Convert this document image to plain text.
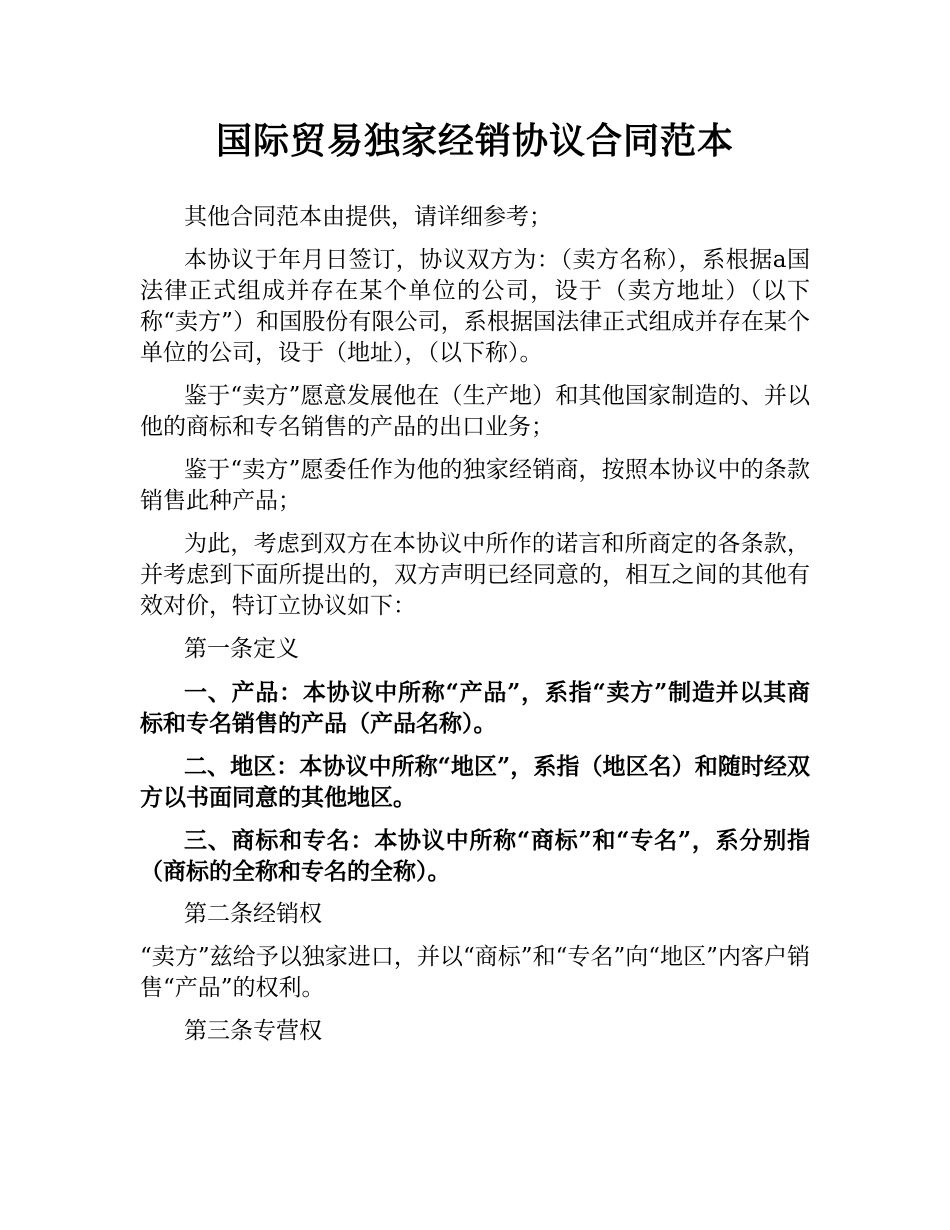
国际贸易独家经销协议合同范本

其他合同范本由提供，请详细参考；

本协议于年月日签订，协议双方为：（卖方名称），系根据a国法律正式组成并存在某个单位的公司，设于（卖方地址）（以下称“卖方”）和国股份有限公司，系根据国法律正式组成并存在某个单位的公司，设于（地址），（以下称）。

鉴于“卖方”愿意发展他在（生产地）和其他国家制造的、并以他的商标和专名销售的产品的出口业务；

鉴于“卖方”愿委任作为他的独家经销商，按照本协议中的条款销售此种产品；

为此，考虑到双方在本协议中所作的诺言和所商定的各条款，并考虑到下面所提出的，双方声明已经同意的，相互之间的其他有效对价，特订立协议如下：

第一条定义

一、产品：本协议中所称“产品”，系指“卖方”制造并以其商标和专名销售的产品（产品名称）。

二、地区：本协议中所称“地区”，系指（地区名）和随时经双方以书面同意的其他地区。

三、商标和专名：本协议中所称“商标”和“专名”，系分别指（商标的全称和专名的全称）。

第二条经销权

“卖方”兹给予以独家进口，并以“商标”和“专名”向“地区”内客户销售“产品”的权利。

第三条专营权
